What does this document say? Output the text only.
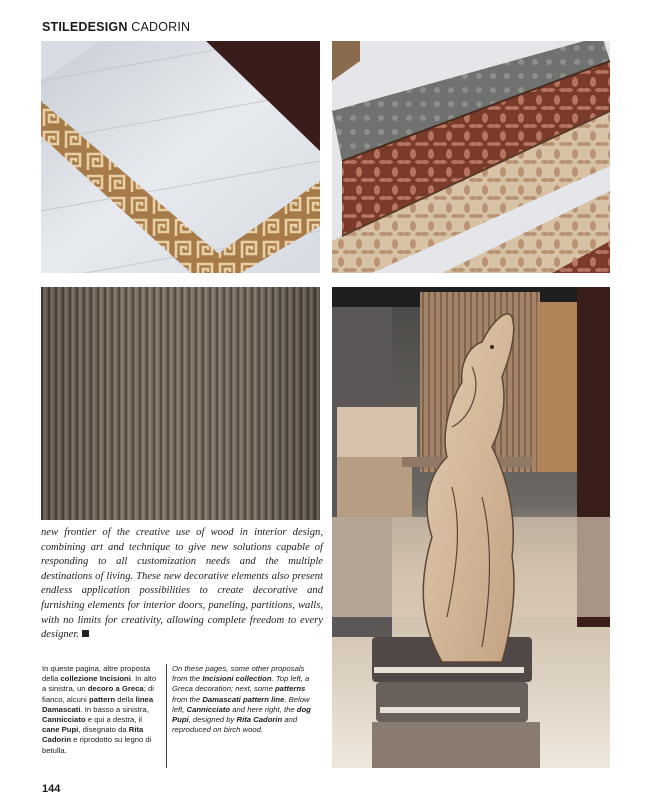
STILEDESIGN CADORIN

new frontier of the creative use of wood in interior design, combining art and technique to give new solutions capable of responding to all customization needs and the multiple destinations of living. These new decorative elements also present endless application possibilities to create decorative and furnishing elements for interior doors, paneling, partitions, walls, with no limits for creativity, allowing complete freedom to every designer.

In queste pagina, altre proposta della collezione Incisioni. In alto a sinistra, un decoro a Greca; di fianco, alcuni pattern della linea Damascati. In basso a sinistra, Cannicciato e qui a destra, il cane Pupi, disegnato da Rita Cadorin e riprodotto su legno di betulla.

On these pages, some other proposals from the Incisioni collection. Top left, a Greca decoration; next, some patterns from the Damascati pattern line. Below left, Cannicciato and here right, the dog Pupi, designed by Rita Cadorin and reproduced on birch wood.

144
